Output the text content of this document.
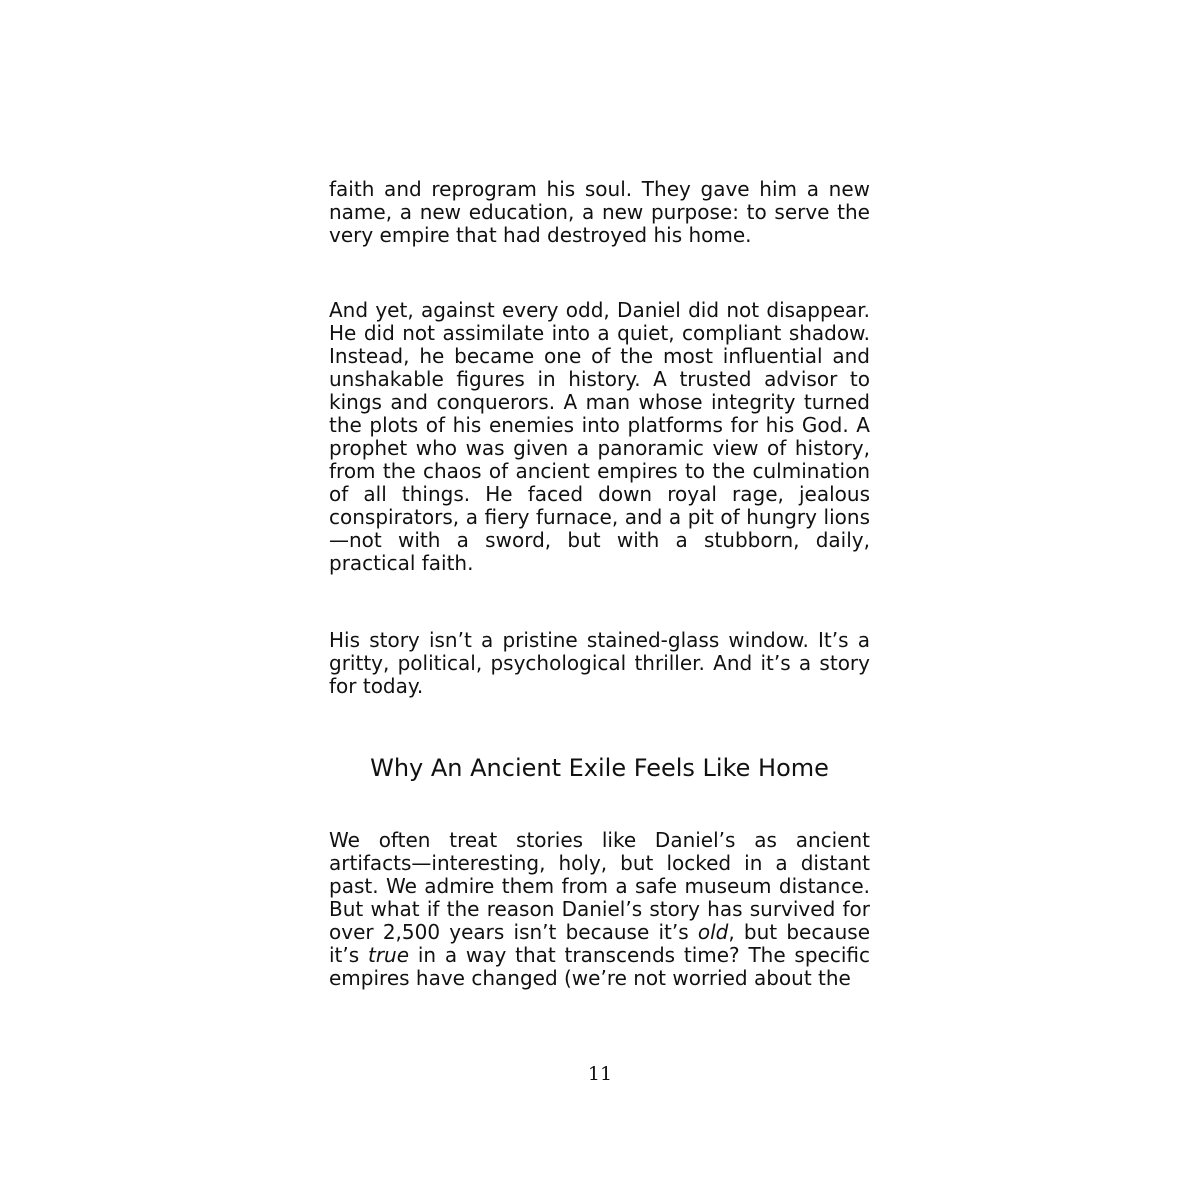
faith and reprogram his soul. They gave him a new name, a new education, a new purpose: to serve the very empire that had destroyed his home.

And yet, against every odd, Daniel did not disappear. He did not assimilate into a quiet, compliant shadow. Instead, he became one of the most influential and unshakable figures in history. A trusted advisor to kings and conquerors. A man whose integrity turned the plots of his enemies into platforms for his God. A prophet who was given a panoramic view of history, from the chaos of ancient empires to the culmination of all things. He faced down royal rage, jealous conspirators, a fiery furnace, and a pit of hungry lions —not with a sword, but with a stubborn, daily, practical faith.

His story isn’t a pristine stained-glass window. It’s a gritty, political, psychological thriller. And it’s a story for today.

Why An Ancient Exile Feels Like Home

We often treat stories like Daniel’s as ancient artifacts—interesting, holy, but locked in a distant past. We admire them from a safe museum distance. But what if the reason Daniel’s story has survived for over 2,500 years isn’t because it’s old, but because it’s true in a way that transcends time? The specific empires have changed (we’re not worried about the

11
